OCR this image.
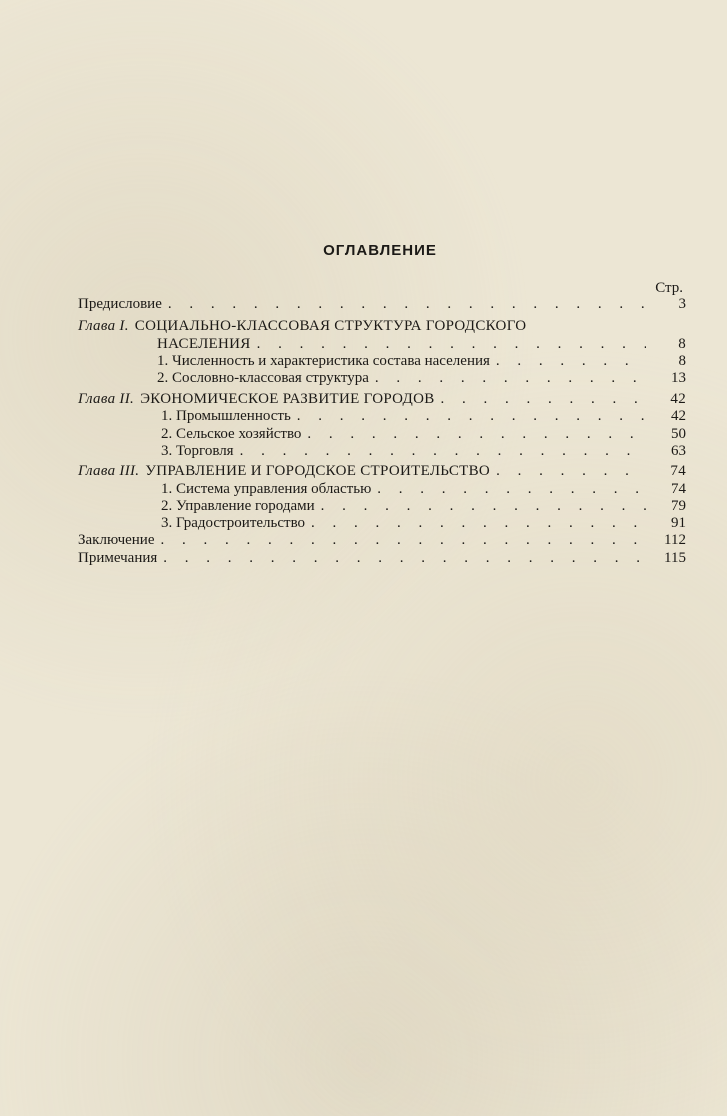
ОГЛАВЛЕНИЕ
Стр.
Предисловие . . .	3
Глава I. СОЦИАЛЬНО-КЛАССОВАЯ СТРУКТУРА ГОРОДСКОГО
НАСЕЛЕНИЯ . . .	8
1. Численность и характеристика состава населения . . .	8
2. Сословно-классовая структура . . .	13
Глава II. ЭКОНОМИЧЕСКОЕ РАЗВИТИЕ ГОРОДОВ . . .	42
1. Промышленность . . .	42
2. Сельское хозяйство . . .	50
3. Торговля . . .	63
Глава III. УПРАВЛЕНИЕ И ГОРОДСКОЕ СТРОИТЕЛЬСТВО . . .	74
1. Система управления областью . . .	74
2. Управление городами . . .	79
3. Градостроительство . . .	91
Заключение . . .	112
Примечания . . .	115
